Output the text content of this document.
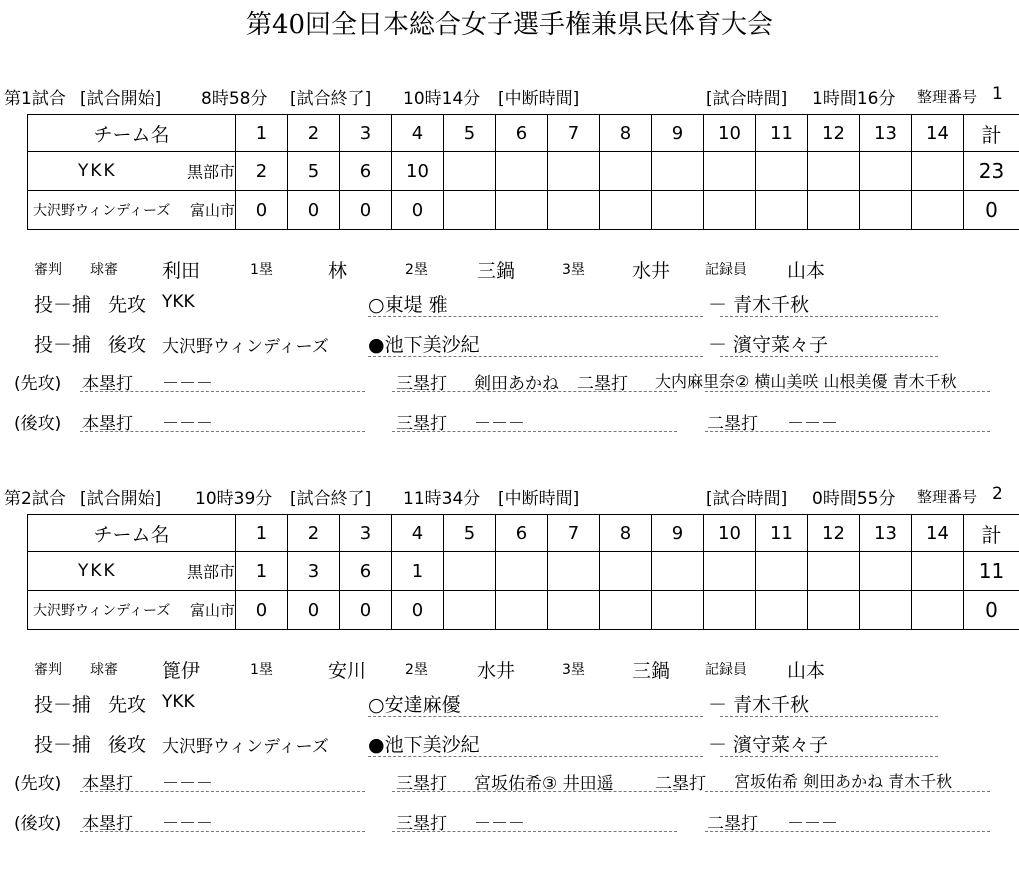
第40回全日本総合女子選手権兼県民体育大会
第1試合 [試合開始] 8時58分 [試合終了] 10時14分 [中断時間]	[試合時間] 1時間16分 整理番号 1
チーム名	1	2	3	4	5	6	7	8	9	10	11	12	13	14	計

YKK 黒部市	2	5	6	10											23

大沢野ウィンディーズ 富山市	0	0	0	0											0
審判 球審 利田	1塁	林	2塁	三鍋	3塁 水井 記録員 山本
投－捕 先攻 YKK	○東堤 雅	－ 青木千秋
投－捕 後攻 大沢野ウィンディーズ ●池下美沙紀	－ 濱守菜々子
(先攻) 本塁打 －－－	三塁打 剣田あかね 二塁打 大内麻里奈② 横山美咲 山根美優 青木千秋
(後攻) 本塁打 －－－	三塁打 －－－	二塁打 －－－
第2試合 [試合開始] 10時39分 [試合終了] 11時34分 [中断時間]	[試合時間] 0時間55分 整理番号 2
チーム名	1	2	3	4	5	6	7	8	9	10	11	12	13	14	計

YKK 黒部市	1	3	6	1											11

大沢野ウィンディーズ 富山市	0	0	0	0											0
審判 球審 篦伊	1塁	安川	2塁	水井	3塁 三鍋 記録員 山本
投－捕 先攻 YKK	○安達麻優	－ 青木千秋
投－捕 後攻 大沢野ウィンディーズ ●池下美沙紀	－ 濱守菜々子
(先攻) 本塁打 －－－	三塁打 宮坂佑希③ 井田遥 二塁打 宮坂佑希 剣田あかね 青木千秋
(後攻) 本塁打 －－－	三塁打 －－－	二塁打 －－－
